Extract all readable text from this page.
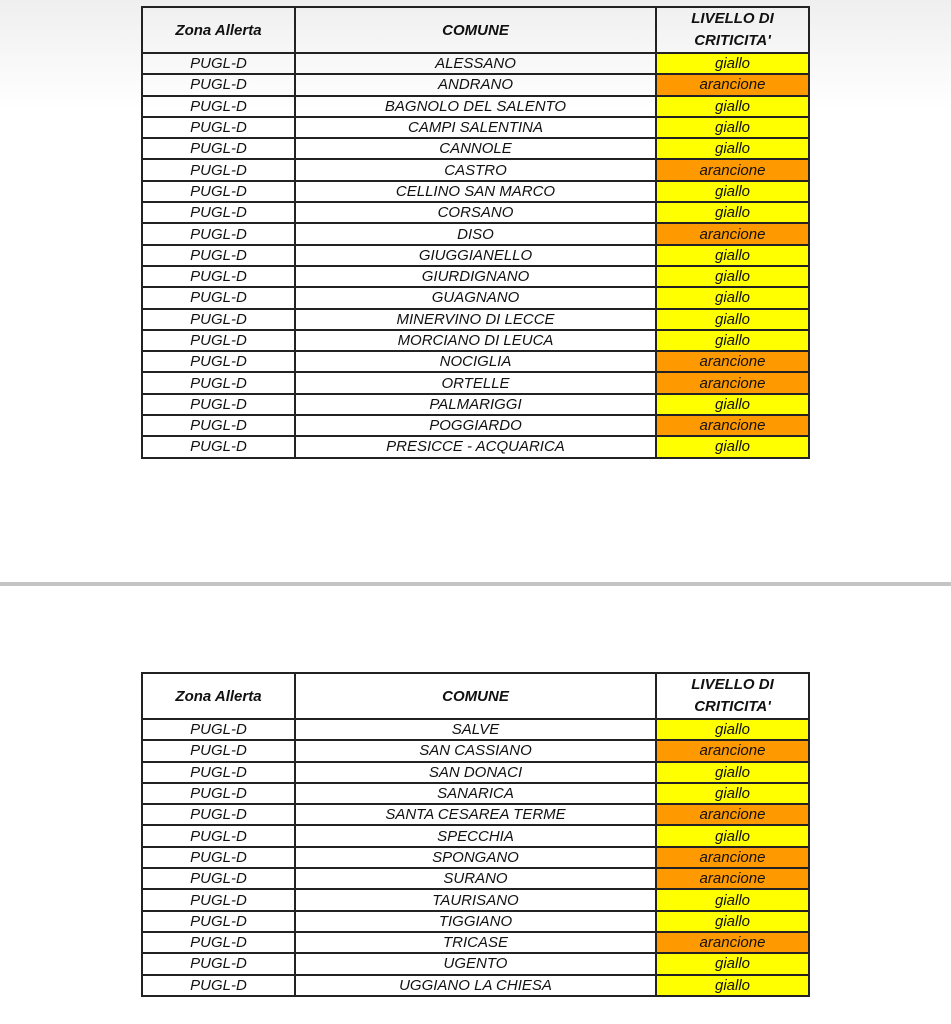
Zona Allerta	COMUNE	LIVELLO DI CRITICITA'
PUGL-D	ALESSANO	giallo
PUGL-D	ANDRANO	arancione
PUGL-D	BAGNOLO DEL SALENTO	giallo
PUGL-D	CAMPI SALENTINA	giallo
PUGL-D	CANNOLE	giallo
PUGL-D	CASTRO	arancione
PUGL-D	CELLINO SAN MARCO	giallo
PUGL-D	CORSANO	giallo
PUGL-D	DISO	arancione
PUGL-D	GIUGGIANELLO	giallo
PUGL-D	GIURDIGNANO	giallo
PUGL-D	GUAGNANO	giallo
PUGL-D	MINERVINO DI LECCE	giallo
PUGL-D	MORCIANO DI LEUCA	giallo
PUGL-D	NOCIGLIA	arancione
PUGL-D	ORTELLE	arancione
PUGL-D	PALMARIGGI	giallo
PUGL-D	POGGIARDO	arancione
PUGL-D	PRESICCE - ACQUARICA	giallo
Zona Allerta	COMUNE	LIVELLO DI CRITICITA'
PUGL-D	SALVE	giallo
PUGL-D	SAN CASSIANO	arancione
PUGL-D	SAN DONACI	giallo
PUGL-D	SANARICA	giallo
PUGL-D	SANTA CESAREA TERME	arancione
PUGL-D	SPECCHIA	giallo
PUGL-D	SPONGANO	arancione
PUGL-D	SURANO	arancione
PUGL-D	TAURISANO	giallo
PUGL-D	TIGGIANO	giallo
PUGL-D	TRICASE	arancione
PUGL-D	UGENTO	giallo
PUGL-D	UGGIANO LA CHIESA	giallo
